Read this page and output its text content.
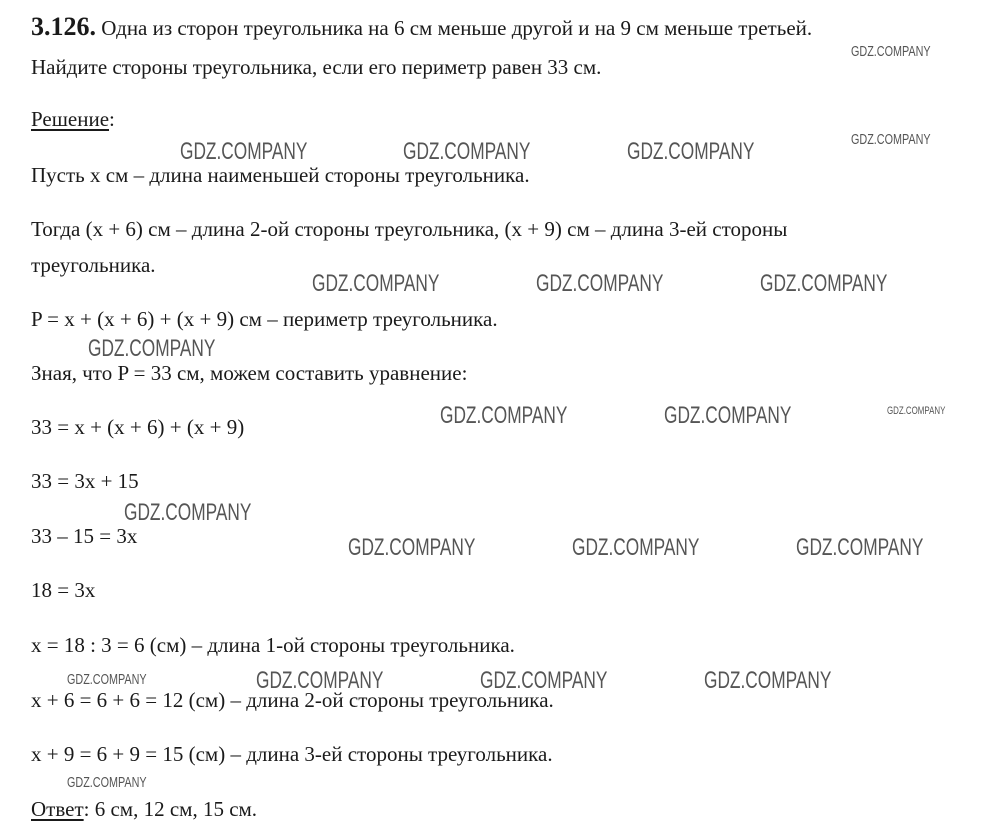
3.126. Одна из сторон треугольника на 6 см меньше другой и на 9 см меньше третьей.
Найдите стороны треугольника, если его периметр равен 33 см.
Решение:
Пусть x см – длина наименьшей стороны треугольника.
Тогда (x + 6) см – длина 2-ой стороны треугольника, (x + 9) см – длина 3-ей стороны
треугольника.
P = x + (x + 6) + (x + 9) см – периметр треугольника.
Зная, что P = 33 см, можем составить уравнение:
33 = x + (x + 6) + (x + 9)
33 = 3x + 15
33 – 15 = 3x
18 = 3x
x = 18 : 3 = 6 (см) – длина 1-ой стороны треугольника.
x + 6 = 6 + 6 = 12 (см) – длина 2-ой стороны треугольника.
x + 9 = 6 + 9 = 15 (см) – длина 3-ей стороны треугольника.
Ответ: 6 см, 12 см, 15 см.
GDZ.COMPANY
GDZ.COMPANY
GDZ.COMPANY	GDZ.COMPANY	GDZ.COMPANY
GDZ.COMPANY	GDZ.COMPANY	GDZ.COMPANY
GDZ.COMPANY
GDZ.COMPANY	GDZ.COMPANY	GDZ.COMPANY
GDZ.COMPANY
GDZ.COMPANY	GDZ.COMPANY	GDZ.COMPANY
GDZ.COMPANY	GDZ.COMPANY	GDZ.COMPANY	GDZ.COMPANY
GDZ.COMPANY
